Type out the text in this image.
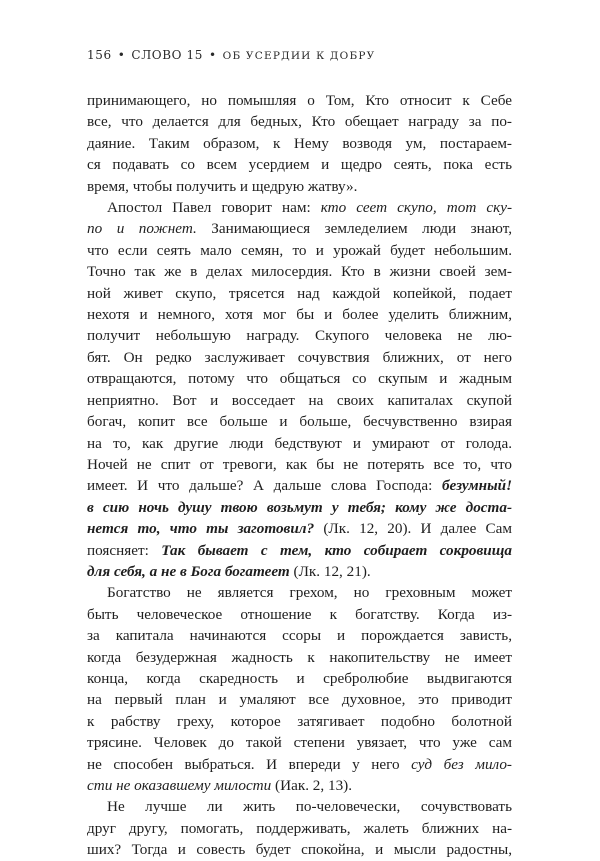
156 • СЛОВО 15 • ОБ УСЕРДИИ К ДОБРУ
принимающего, но помышляя о Том, Кто относит к Себе
все, что делается для бедных, Кто обещает награду за по-
даяние. Таким образом, к Нему возводя ум, постараем-
ся подавать со всем усердием и щедро сеять, пока есть
время, чтобы получить и щедрую жатву».
Апостол Павел говорит нам: кто сеет скупо, тот ску-
по и пожнет. Занимающиеся земледелием люди знают,
что если сеять мало семян, то и урожай будет небольшим.
Точно так же в делах милосердия. Кто в жизни своей зем-
ной живет скупо, трясется над каждой копейкой, подает
нехотя и немного, хотя мог бы и более уделить ближним,
получит небольшую награду. Скупого человека не лю-
бят. Он редко заслуживает сочувствия ближних, от него
отвращаются, потому что общаться со скупым и жадным
неприятно. Вот и восседает на своих капиталах скупой
богач, копит все больше и больше, бесчувственно взирая
на то, как другие люди бедствуют и умирают от голода.
Ночей не спит от тревоги, как бы не потерять все то, что
имеет. И что дальше? А дальше слова Господа: безумный!
в сию ночь душу твою возьмут у тебя; кому же доста-
нется то, что ты заготовил? (Лк. 12, 20). И далее Сам
поясняет: Так бывает с тем, кто собирает сокровища
для себя, а не в Бога богатеет (Лк. 12, 21).
Богатство не является грехом, но греховным может
быть человеческое отношение к богатству. Когда из-
за капитала начинаются ссоры и порождается зависть,
когда безудержная жадность к накопительству не имеет
конца, когда скаредность и сребролюбие выдвигаются
на первый план и умаляют все духовное, это приводит
к рабству греху, которое затягивает подобно болотной
трясине. Человек до такой степени увязает, что уже сам
не способен выбраться. И впереди у него суд без мило-
сти не оказавшему милости (Иак. 2, 13).
Не лучше ли жить по-человечески, сочувствовать
друг другу, помогать, поддерживать, жалеть ближних на-
ших? Тогда и совесть будет спокойна, и мысли радостны,
